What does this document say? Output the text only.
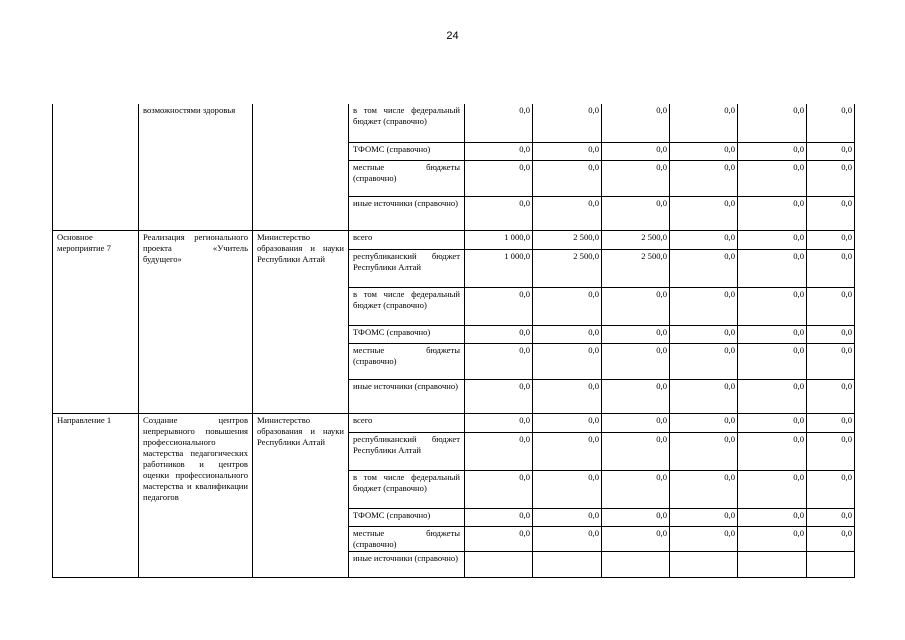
24
	возможностями здоровья		в том числе федеральный бюджет (справочно)	0,0	0,0	0,0	0,0	0,0	0,0
			ТФОМС (справочно)	0,0	0,0	0,0	0,0	0,0	0,0
			местные бюджеты (справочно)	0,0	0,0	0,0	0,0	0,0	0,0
			иные источники (справочно)	0,0	0,0	0,0	0,0	0,0	0,0
Основное мероприятие 7	Реализация регионального проекта «Учитель будущего»	Министерство образования и науки Республики Алтай	всего	1 000,0	2 500,0	2 500,0	0,0	0,0	0,0
			республиканский бюджет Республики Алтай	1 000,0	2 500,0	2 500,0	0,0	0,0	0,0
			в том числе федеральный бюджет (справочно)	0,0	0,0	0,0	0,0	0,0	0,0
			ТФОМС (справочно)	0,0	0,0	0,0	0,0	0,0	0,0
			местные бюджеты (справочно)	0,0	0,0	0,0	0,0	0,0	0,0
			иные источники (справочно)	0,0	0,0	0,0	0,0	0,0	0,0
Направление 1	Создание центров непрерывного повышения профессионального мастерства педагогических работников и центров оценки профессионального мастерства и квалификации педагогов	Министерство образования и науки Республики Алтай	всего	0,0	0,0	0,0	0,0	0,0	0,0
			республиканский бюджет Республики Алтай	0,0	0,0	0,0	0,0	0,0	0,0
			в том числе федеральный бюджет (справочно)	0,0	0,0	0,0	0,0	0,0	0,0
			ТФОМС (справочно)	0,0	0,0	0,0	0,0	0,0	0,0
			местные бюджеты (справочно)	0,0	0,0	0,0	0,0	0,0	0,0
			иные источники (справочно)						
